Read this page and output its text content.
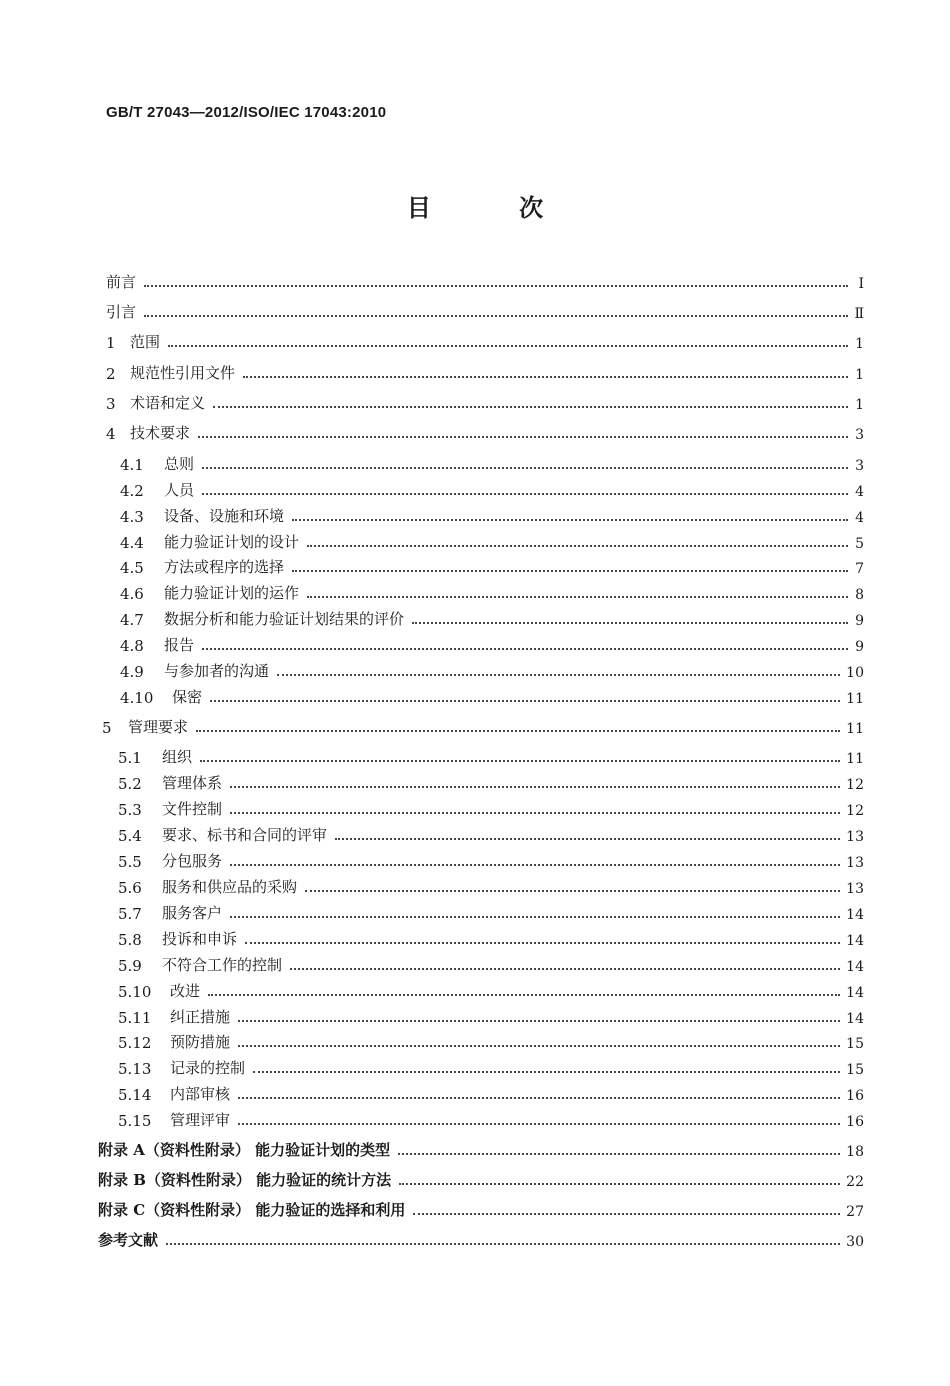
GB/T 27043—2012/ISO/IEC 17043:2010
目 次
前言	Ⅰ
引言	Ⅱ
1 范围	1
2 规范性引用文件	1
3 术语和定义	1
4 技术要求	3
4.1	总则	3
4.2	人员	4
4.3	设备、设施和环境	4
4.4	能力验证计划的设计	5
4.5	方法或程序的选择	7
4.6	能力验证计划的运作	8
4.7	数据分析和能力验证计划结果的评价	9
4.8	报告	9
4.9	与参加者的沟通	10
4.10	保密	11
5	管理要求	11
5.1	组织	11
5.2	管理体系	12
5.3	文件控制	12
5.4	要求、标书和合同的评审	13
5.5	分包服务	13
5.6	服务和供应品的采购	13
5.7	服务客户	14
5.8	投诉和申诉	14
5.9	不符合工作的控制	14
5.10	改进	14
5.11	纠正措施	14
5.12	预防措施	15
5.13	记录的控制	15
5.14	内部审核	16
5.15	管理评审	16
附录 A（资料性附录） 能力验证计划的类型	18
附录 B（资料性附录） 能力验证的统计方法	22
附录 C（资料性附录） 能力验证的选择和利用	27
参考文献	30
